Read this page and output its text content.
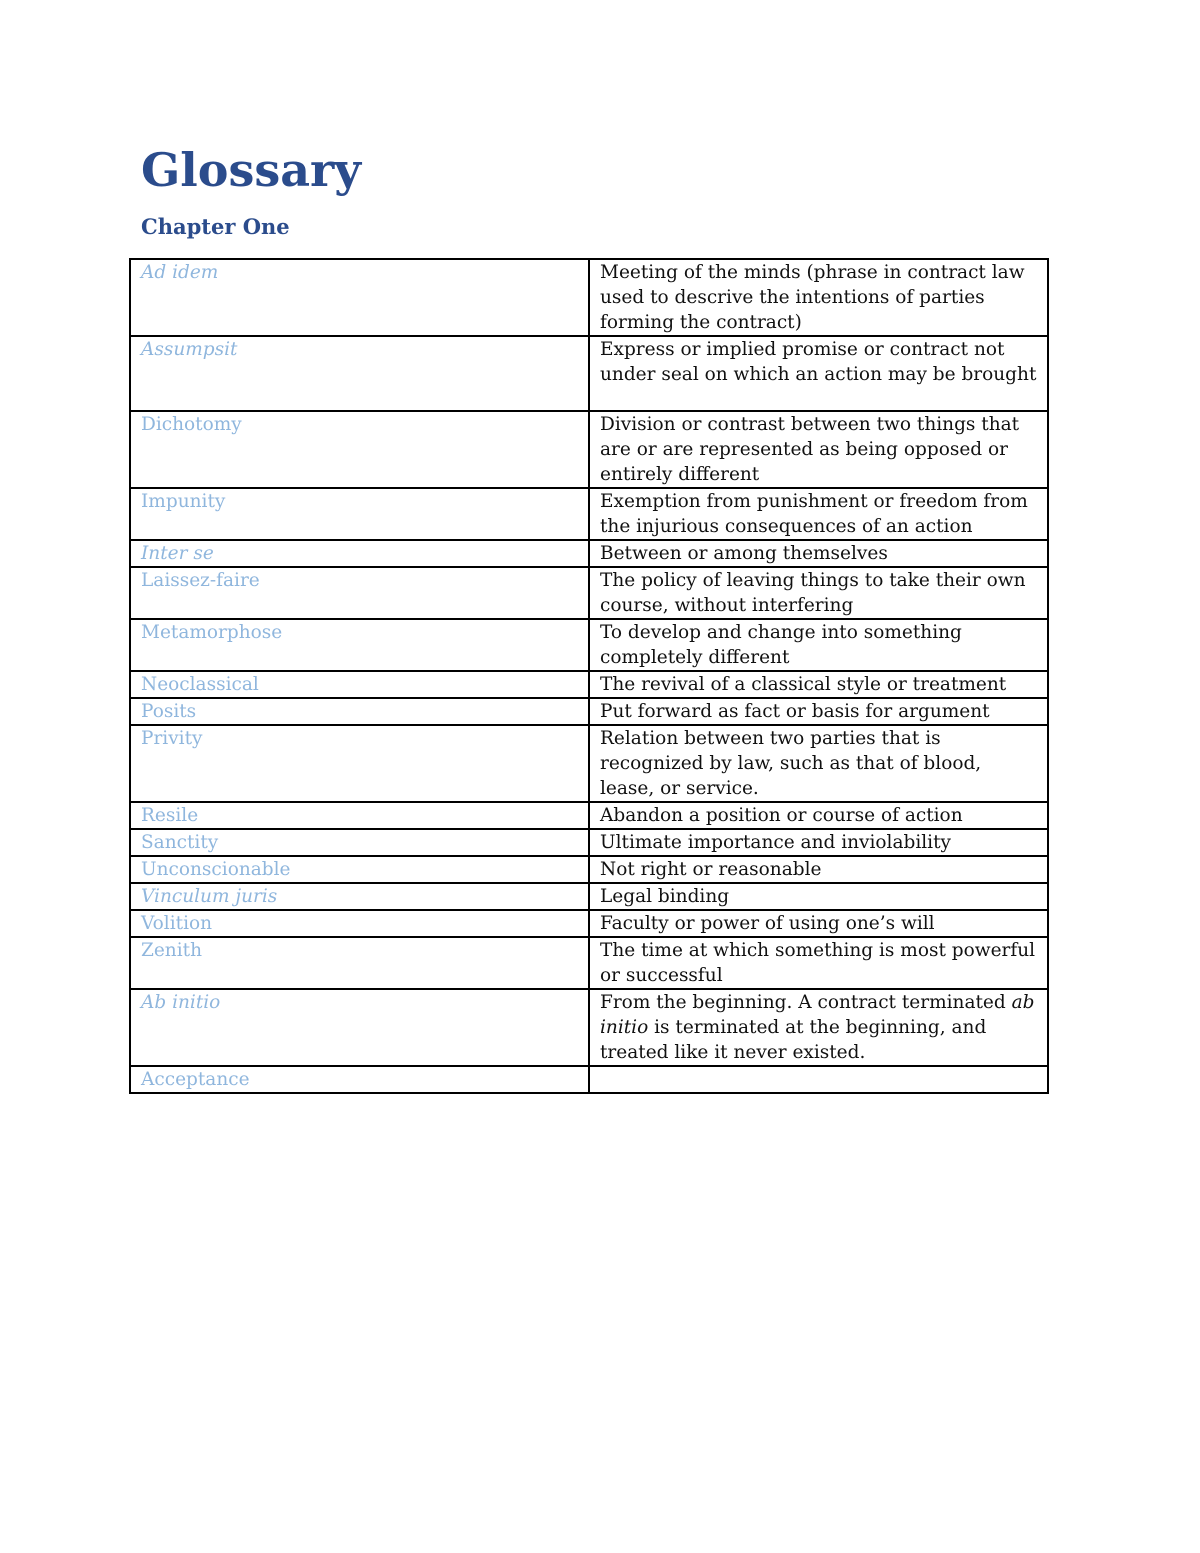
Glossary
Chapter One
Ad idem	Meeting of the minds (phrase in contract law used to descrive the intentions of parties forming the contract)
Assumpsit	Express or implied promise or contract not under seal on which an action may be brought
Dichotomy	Division or contrast between two things that are or are represented as being opposed or entirely different
Impunity	Exemption from punishment or freedom from the injurious consequences of an action
Inter se	Between or among themselves
Laissez-faire	The policy of leaving things to take their own course, without interfering
Metamorphose	To develop and change into something completely different
Neoclassical	The revival of a classical style or treatment
Posits	Put forward as fact or basis for argument
Privity	Relation between two parties that is recognized by law, such as that of blood, lease, or service.
Resile	Abandon a position or course of action
Sanctity	Ultimate importance and inviolability
Unconscionable	Not right or reasonable
Vinculum juris	Legal binding
Volition	Faculty or power of using one’s will
Zenith	The time at which something is most powerful or successful
Ab initio	From the beginning. A contract terminated ab initio is terminated at the beginning, and treated like it never existed.
Acceptance	
